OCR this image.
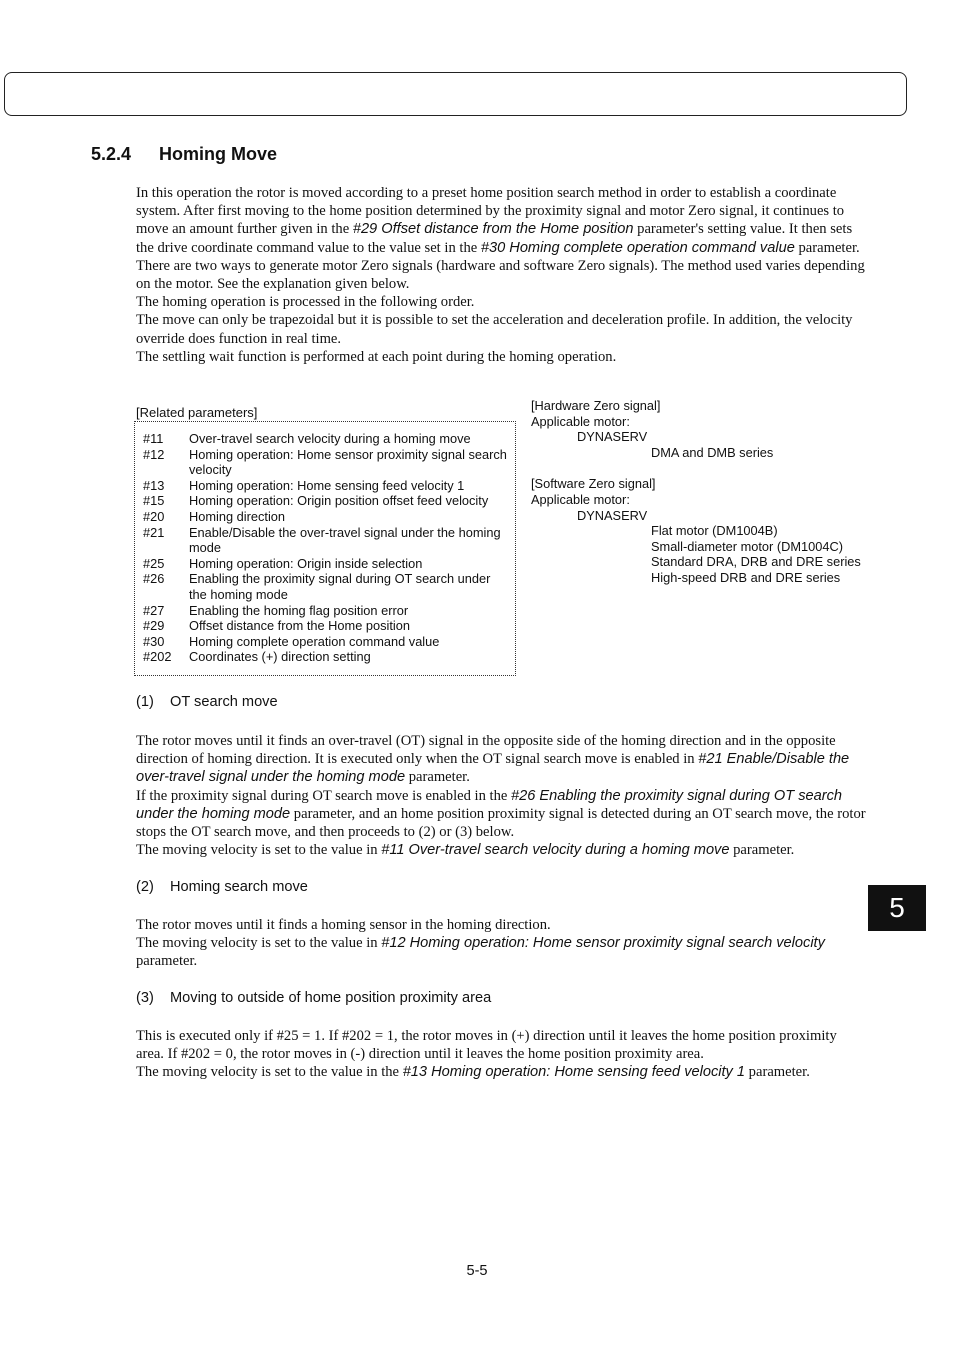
5.2.4 Homing Move

In this operation the rotor is moved according to a preset home position search method in order to establish a coordinate system. After first moving to the home position determined by the proximity signal and motor Zero signal, it continues to move an amount further given in the #29 Offset distance from the Home position parameter's setting value. It then sets the drive coordinate command value to the value set in the #30 Homing complete operation command value parameter.

There are two ways to generate motor Zero signals (hardware and software Zero signals). The method used varies depending on the motor. See the explanation given below.

The homing operation is processed in the following order.

The move can only be trapezoidal but it is possible to set the acceleration and deceleration profile. In addition, the velocity override does function in real time.

The settling wait function is performed at each point during the homing operation.

[Related parameters]
#11	Over-travel search velocity during a homing move
#12	Homing operation: Home sensor proximity signal search velocity
#13	Homing operation: Home sensing feed velocity 1
#15	Homing operation: Origin position offset feed velocity
#20	Homing direction
#21	Enable/Disable the over-travel signal under the homing mode
#25	Homing operation: Origin inside selection
#26	Enabling the proximity signal during OT search under the homing mode
#27	Enabling the homing flag position error
#29	Offset distance from the Home position
#30	Homing complete operation command value
#202	Coordinates (+) direction setting
[Hardware Zero signal]
Applicable motor:
DYNASERV
DMA and DMB series
[Software Zero signal]
Applicable motor:
DYNASERV
Flat motor (DM1004B)
Small-diameter motor (DM1004C)
Standard DRA, DRB and DRE series
High-speed DRB and DRE series
(1) OT search move

The rotor moves until it finds an over-travel (OT) signal in the opposite side of the homing direction and in the opposite direction of homing direction. It is executed only when the OT signal search move is enabled in #21 Enable/Disable the over-travel signal under the homing mode parameter.

If the proximity signal during OT search move is enabled in the #26 Enabling the proximity signal during OT search under the homing mode parameter, and an home position proximity signal is detected during an OT search move, the rotor stops the OT search move, and then proceeds to (2) or (3) below.

The moving velocity is set to the value in #11 Over-travel search velocity during a homing move parameter.

(2) Homing search move

The rotor moves until it finds a homing sensor in the homing direction.

The moving velocity is set to the value in #12 Homing operation: Home sensor proximity signal search velocity parameter.

(3) Moving to outside of home position proximity area

This is executed only if #25 = 1. If #202 = 1, the rotor moves in (+) direction until it leaves the home position proximity area. If #202 = 0, the rotor moves in (-) direction until it leaves the home position proximity area.

The moving velocity is set to the value in the #13 Homing operation: Home sensing feed velocity 1 parameter.

5
5-5
